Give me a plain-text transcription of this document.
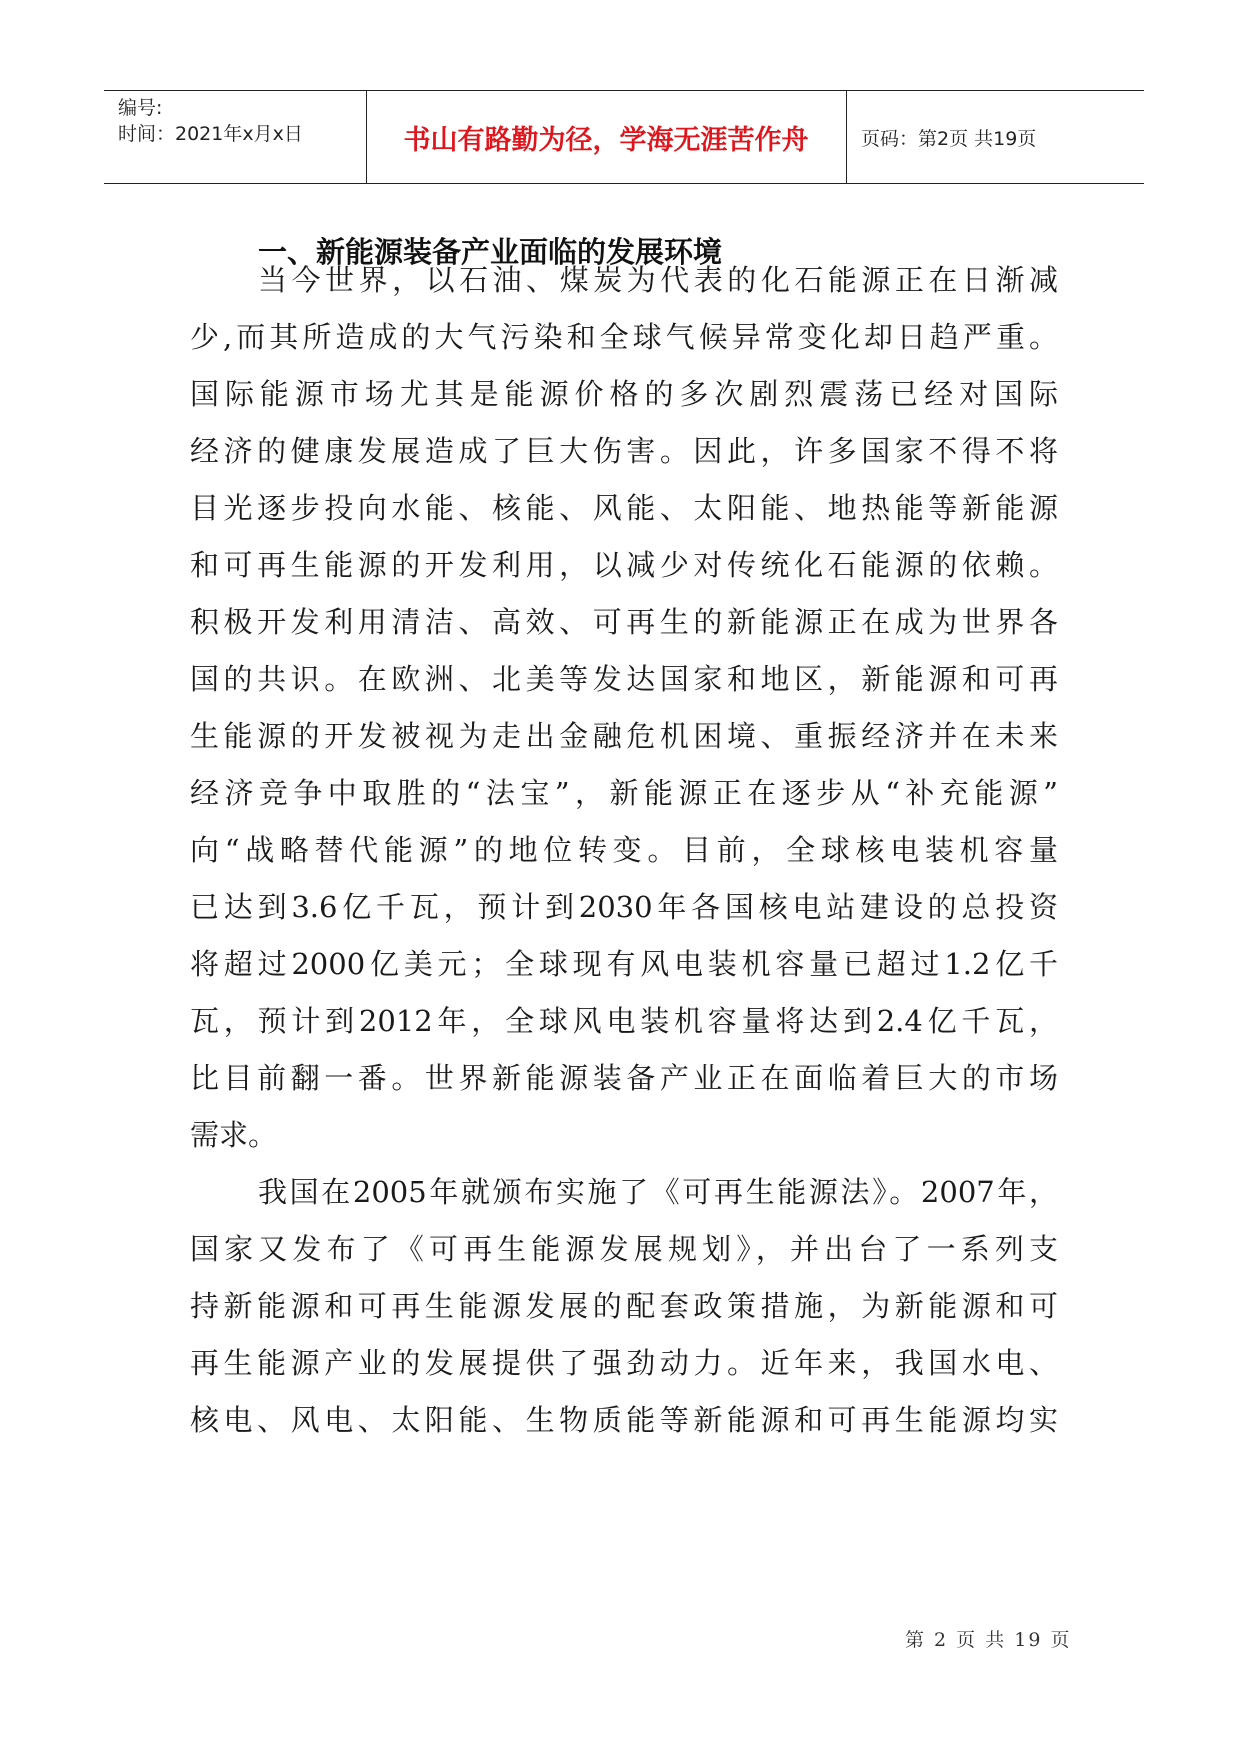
编号:
时间：2021年x月x日	书山有路勤为径，学海无涯苦作舟	页码：第2页 共19页
一、新能源装备产业面临的发展环境
当今世界，以石油、煤炭为代表的化石能源正在日渐减
少,而其所造成的大气污染和全球气候异常变化却日趋严重。
国际能源市场尤其是能源价格的多次剧烈震荡已经对国际
经济的健康发展造成了巨大伤害。因此，许多国家不得不将
目光逐步投向水能、核能、风能、太阳能、地热能等新能源
和可再生能源的开发利用，以减少对传统化石能源的依赖。
积极开发利用清洁、高效、可再生的新能源正在成为世界各
国的共识。在欧洲、北美等发达国家和地区，新能源和可再
生能源的开发被视为走出金融危机困境、重振经济并在未来
经济竞争中取胜的“法宝”，新能源正在逐步从“补充能源”
向“战略替代能源”的地位转变。目前，全球核电装机容量
已达到3.6亿千瓦，预计到2030年各国核电站建设的总投资
将超过2000亿美元；全球现有风电装机容量已超过1.2亿千
瓦，预计到2012年，全球风电装机容量将达到2.4亿千瓦，
比目前翻一番。世界新能源装备产业正在面临着巨大的市场
需求。
我国在2005年就颁布实施了《可再生能源法》。2007年，
国家又发布了《可再生能源发展规划》，并出台了一系列支
持新能源和可再生能源发展的配套政策措施，为新能源和可
再生能源产业的发展提供了强劲动力。近年来，我国水电、
核电、风电、太阳能、生物质能等新能源和可再生能源均实
第 2 页 共 19 页
